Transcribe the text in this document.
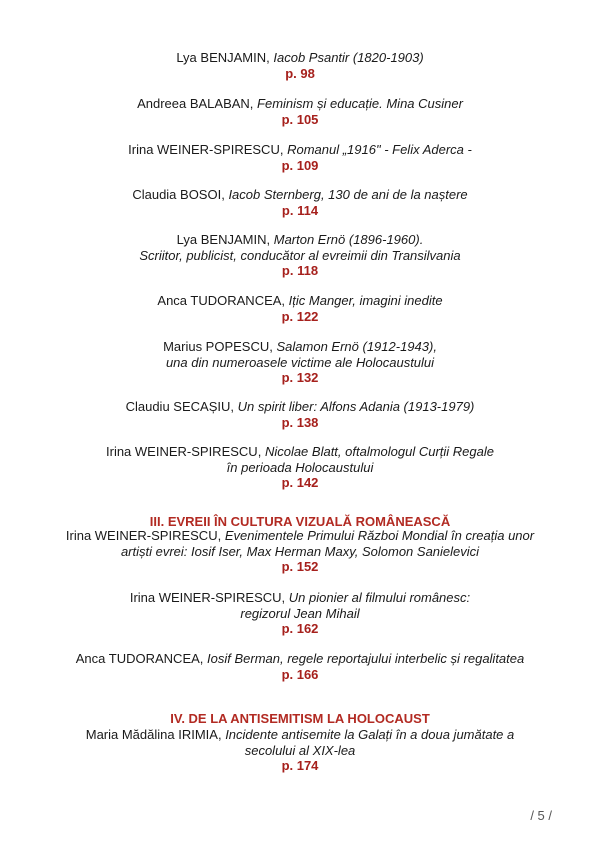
Lya BENJAMIN, Iacob Psantir (1820-1903)
p. 98
Andreea BALABAN, Feminism și educație. Mina Cusiner
p. 105
Irina WEINER-SPIRESCU, Romanul „1916" - Felix Aderca -
p. 109
Claudia BOSOI, Iacob Sternberg, 130 de ani de la naștere
p. 114
Lya BENJAMIN, Marton Ernö (1896-1960).
Scriitor, publicist, conducător al evreimii din Transilvania
p. 118
Anca TUDORANCEA, Ițic Manger, imagini inedite
p. 122
Marius POPESCU, Salamon Ernö (1912-1943),
una din numeroasele victime ale Holocaustului
p. 132
Claudiu SECAȘIU, Un spirit liber: Alfons Adania (1913-1979)
p. 138
Irina WEINER-SPIRESCU, Nicolae Blatt, oftalmologul Curții Regale
în perioada Holocaustului
p. 142
Irina WEINER-SPIRESCU, Evenimentele Primului Război Mondial în creația unor
artiști evrei: Iosif Iser, Max Herman Maxy, Solomon Sanielevici
p. 152
Irina WEINER-SPIRESCU, Un pionier al filmului românesc:
regizorul Jean Mihail
p. 162
Anca TUDORANCEA, Iosif Berman, regele reportajului interbelic și regalitatea
p. 166
Maria Mădălina IRIMIA, Incidente antisemite la Galați în a doua jumătate a
secolului al XIX-lea
p. 174
III. EVREII ÎN CULTURA VIZUALĂ ROMÂNEASCĂ
IV. DE LA ANTISEMITISM LA HOLOCAUST
/ 5 /
